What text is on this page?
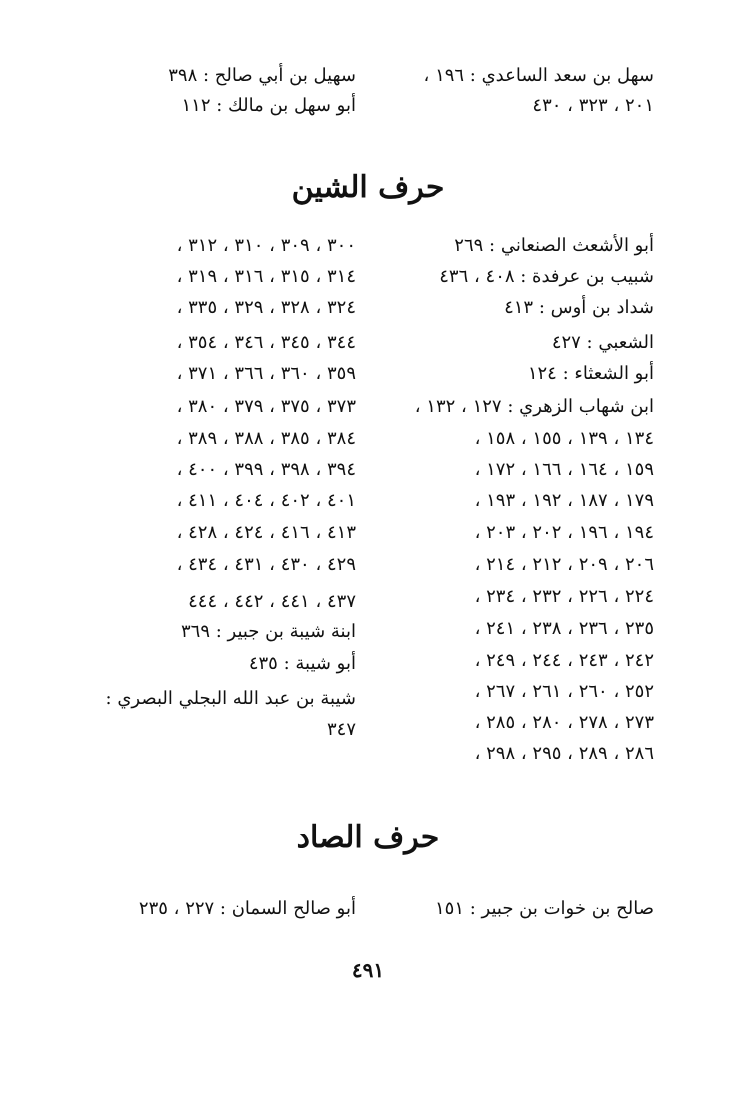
سهل بن سعد الساعدي : ١٩٦ ،
٢٠١ ، ٣٢٣ ، ٤٣٠
سهيل بن أبي صالح : ٣٩٨
أبو سهل بن مالك : ١١٢
حرف الشين
أبو الأشعث الصنعاني : ٢٦٩
شبيب بن عرفدة : ٤٠٨ ، ٤٣٦
شداد بن أوس : ٤١٣
الشعبي : ٤٢٧
أبو الشعثاء : ١٢٤
ابن شهاب الزهري : ١٢٧ ، ١٣٢ ،
١٣٤ ، ١٣٩ ، ١٥٥ ، ١٥٨ ،
١٥٩ ، ١٦٤ ، ١٦٦ ، ١٧٢ ،
١٧٩ ، ١٨٧ ، ١٩٢ ، ١٩٣ ،
١٩٤ ، ١٩٦ ، ٢٠٢ ، ٢٠٣ ،
٢٠٦ ، ٢٠٩ ، ٢١٢ ، ٢١٤ ،
٢٢٤ ، ٢٢٦ ، ٢٣٢ ، ٢٣٤ ،
٢٣٥ ، ٢٣٦ ، ٢٣٨ ، ٢٤١ ،
٢٤٢ ، ٢٤٣ ، ٢٤٤ ، ٢٤٩ ،
٢٥٢ ، ٢٦٠ ، ٢٦١ ، ٢٦٧ ،
٢٧٣ ، ٢٧٨ ، ٢٨٠ ، ٢٨٥ ،
٢٨٦ ، ٢٨٩ ، ٢٩٥ ، ٢٩٨ ،
٣٠٠ ، ٣٠٩ ، ٣١٠ ، ٣١٢ ،
٣١٤ ، ٣١٥ ، ٣١٦ ، ٣١٩ ،
٣٢٤ ، ٣٢٨ ، ٣٢٩ ، ٣٣٥ ،
٣٤٤ ، ٣٤٥ ، ٣٤٦ ، ٣٥٤ ،
٣٥٩ ، ٣٦٠ ، ٣٦٦ ، ٣٧١ ،
٣٧٣ ، ٣٧٥ ، ٣٧٩ ، ٣٨٠ ،
٣٨٤ ، ٣٨٥ ، ٣٨٨ ، ٣٨٩ ،
٣٩٤ ، ٣٩٨ ، ٣٩٩ ، ٤٠٠ ،
٤٠١ ، ٤٠٢ ، ٤٠٤ ، ٤١١ ،
٤١٣ ، ٤١٦ ، ٤٢٤ ، ٤٢٨ ،
٤٢٩ ، ٤٣٠ ، ٤٣١ ، ٤٣٤ ،
٤٣٧ ، ٤٤١ ، ٤٤٢ ، ٤٤٤
ابنة شيبة بن جبير : ٣٦٩
أبو شيبة : ٤٣٥
شيبة بن عبد الله البجلي البصري :
٣٤٧
حرف الصاد
صالح بن خوات بن جبير : ١٥١
أبو صالح السمان : ٢٢٧ ، ٢٣٥
٤٩١
